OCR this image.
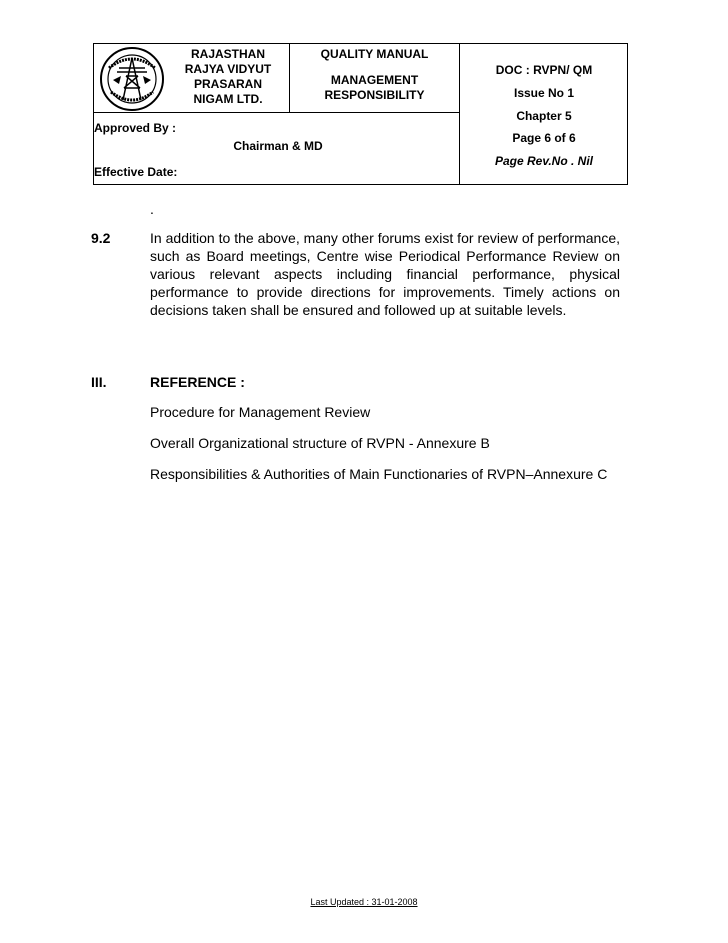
RAJASTHAN
RAJYA VIDYUT
PRASARAN
NIGAM LTD.
QUALITY MANUAL
MANAGEMENT
RESPONSIBILITY
DOC : RVPN/ QM
Issue No 1
Chapter 5
Page 6 of 6
Page Rev.No . Nil
Approved By :
Chairman & MD
Effective Date:
.
9.2	In addition to the above, many other forums exist for review of performance, such as Board meetings, Centre wise Periodical Performance Review on various relevant aspects including financial performance, physical performance to provide directions for improvements. Timely actions on decisions taken shall be ensured and followed up at suitable levels.
III.	REFERENCE :
Procedure for Management Review
Overall Organizational structure of RVPN - Annexure B
Responsibilities & Authorities of Main Functionaries of RVPN–Annexure C
Last Updated : 31-01-2008
